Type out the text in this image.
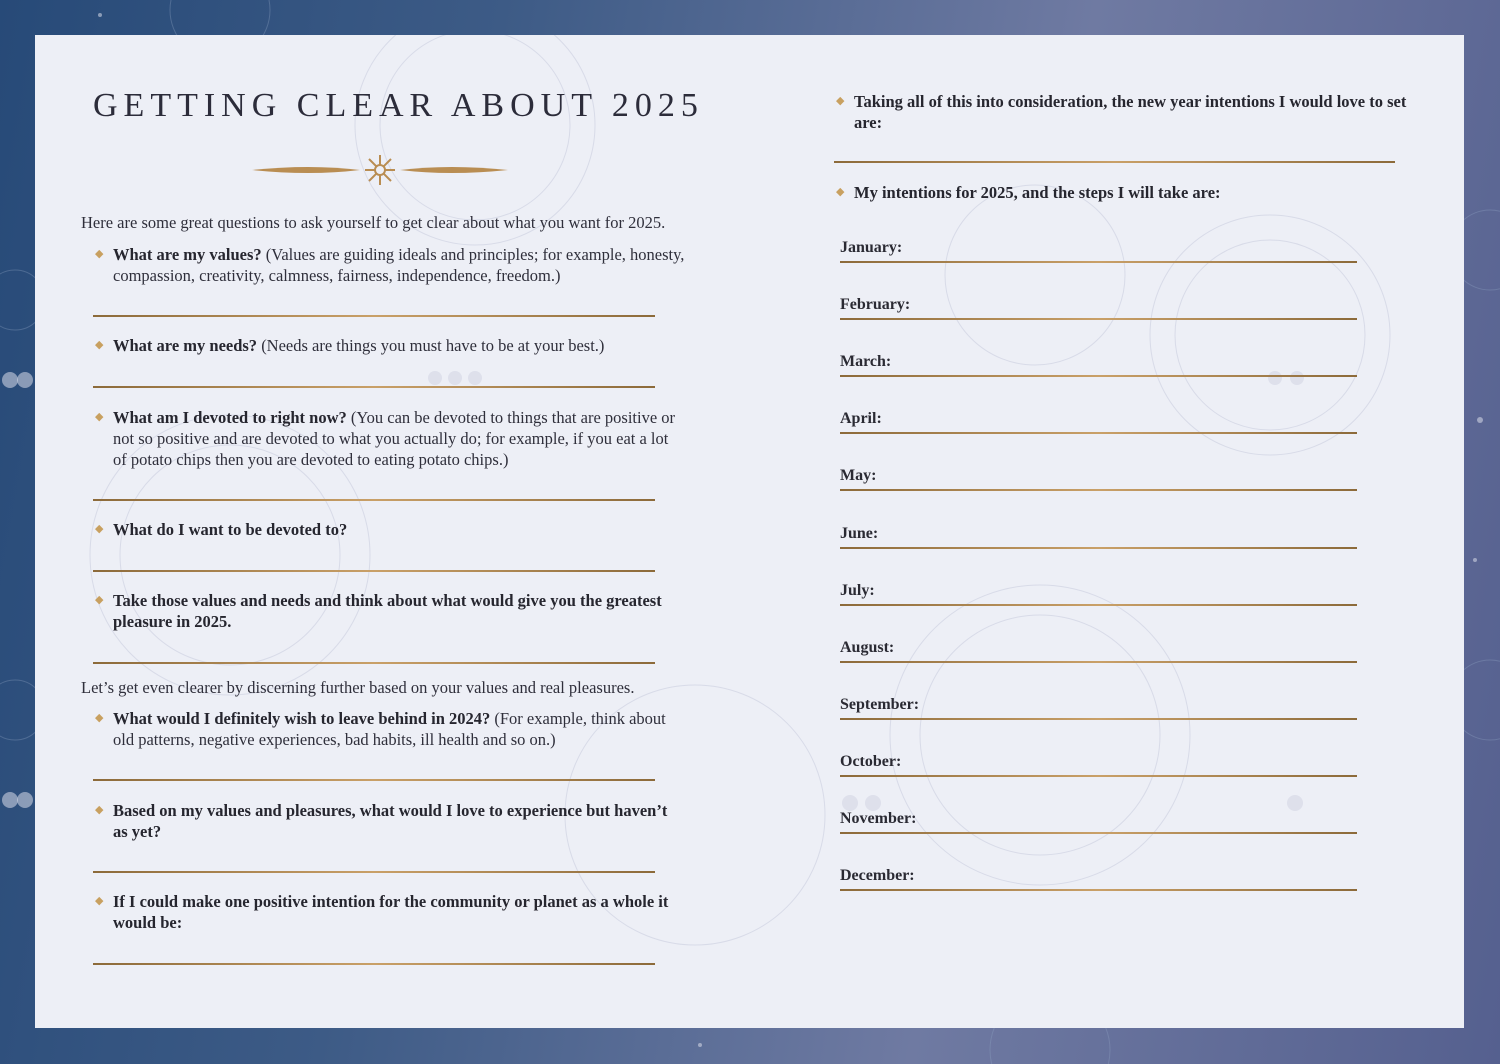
GETTING CLEAR ABOUT 2025
Here are some great questions to ask yourself to get clear about what you want for 2025.
◆ What are my values? (Values are guiding ideals and principles; for example, honesty, compassion, creativity, calmness, fairness, independence, freedom.)
◆ What are my needs? (Needs are things you must have to be at your best.)
◆ What am I devoted to right now? (You can be devoted to things that are positive or not so positive and are devoted to what you actually do; for example, if you eat a lot of potato chips then you are devoted to eating potato chips.)
◆ What do I want to be devoted to?
◆ Take those values and needs and think about what would give you the greatest pleasure in 2025.
Let’s get even clearer by discerning further based on your values and real pleasures.
◆ What would I definitely wish to leave behind in 2024? (For example, think about old patterns, negative experiences, bad habits, ill health and so on.)
◆ Based on my values and pleasures, what would I love to experience but haven’t as yet?
◆ If I could make one positive intention for the community or planet as a whole it would be:
◆ Taking all of this into consideration, the new year intentions I would love to set are:
◆ My intentions for 2025, and the steps I will take are:
January:
February:
March:
April:
May:
June:
July:
August:
September:
October:
November:
December:
